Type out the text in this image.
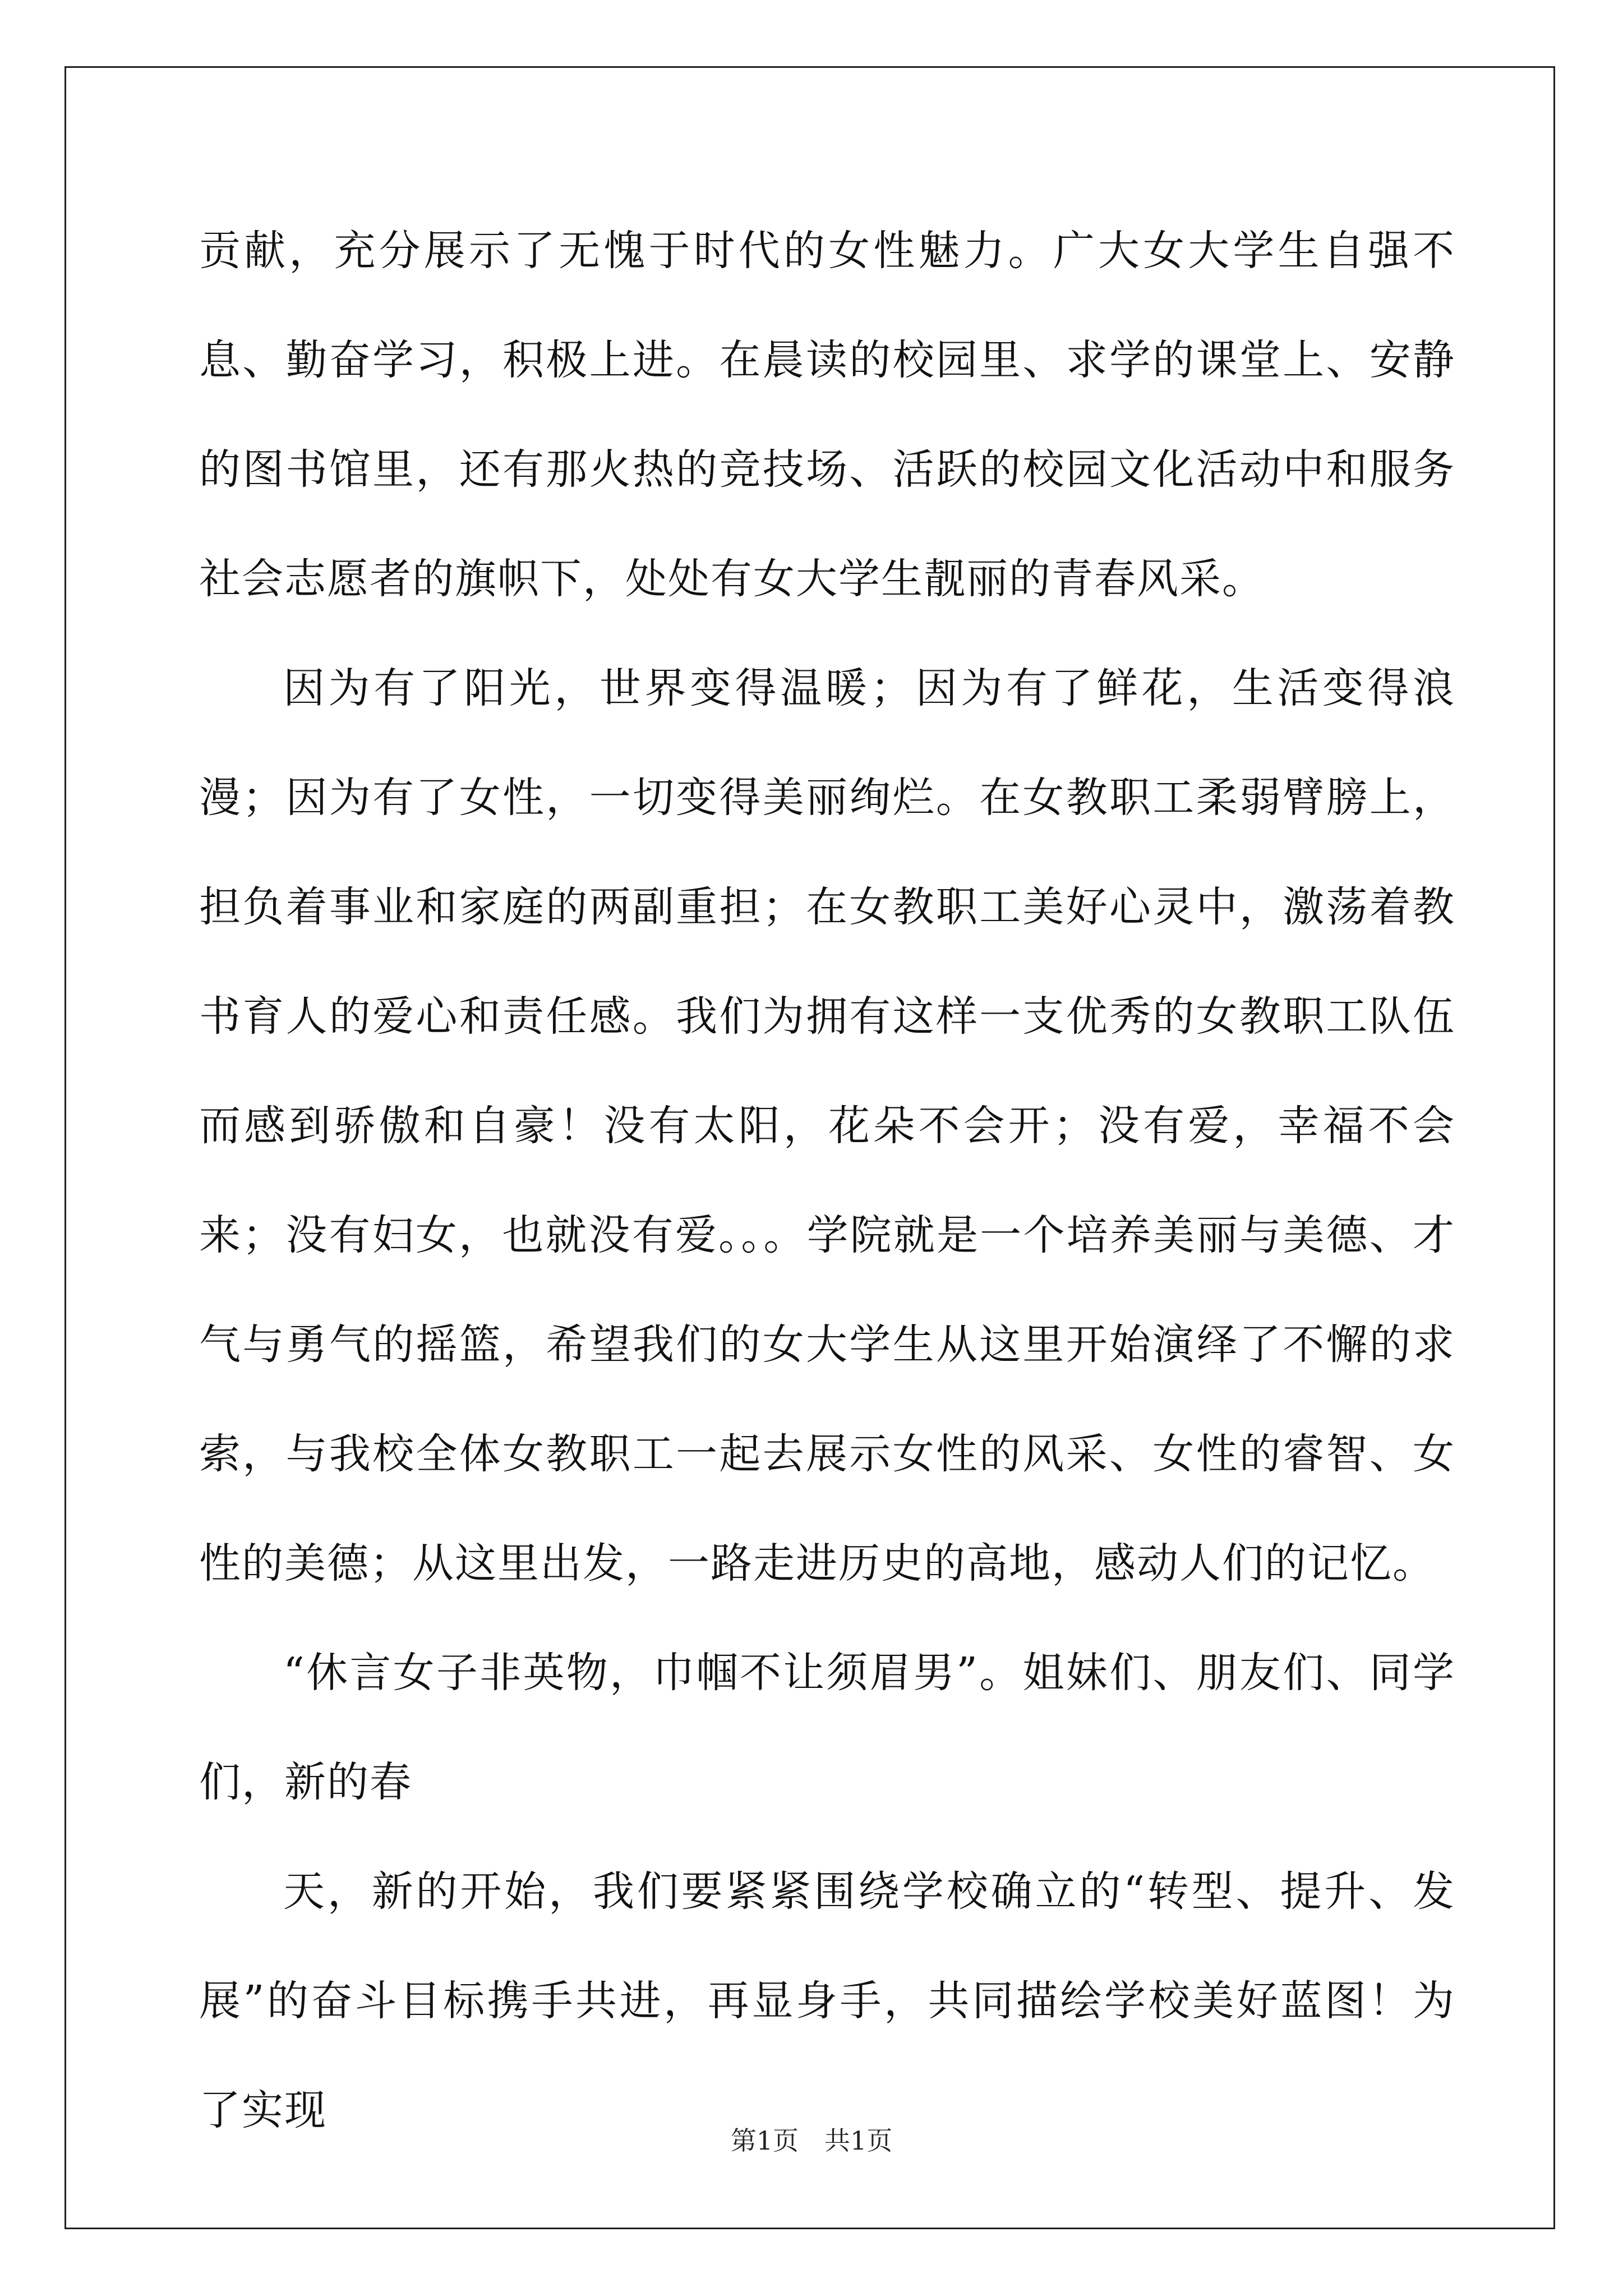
贡献，充分展示了无愧于时代的女性魅力。广大女大学生自强不息、勤奋学习，积极上进。在晨读的校园里、求学的课堂上、安静的图书馆里，还有那火热的竞技场、活跃的校园文化活动中和服务社会志愿者的旗帜下，处处有女大学生靓丽的青春风采。

因为有了阳光，世界变得温暖；因为有了鲜花，生活变得浪漫；因为有了女性，一切变得美丽绚烂。在女教职工柔弱臂膀上，担负着事业和家庭的两副重担；在女教职工美好心灵中，激荡着教书育人的爱心和责任感。我们为拥有这样一支优秀的女教职工队伍而感到骄傲和自豪！没有太阳，花朵不会开；没有爱，幸福不会来；没有妇女，也就没有爱。。。学院就是一个培养美丽与美德、才气与勇气的摇篮，希望我们的女大学生从这里开始演绎了不懈的求索，与我校全体女教职工一起去展示女性的风采、女性的睿智、女性的美德；从这里出发，一路走进历史的高地，感动人们的记忆。

“休言女子非英物，巾帼不让须眉男”。姐妹们、朋友们、同学们，新的春

天，新的开始，我们要紧紧围绕学校确立的“转型、提升、发展”的奋斗目标携手共进，再显身手，共同描绘学校美好蓝图！为了实现

第1页　共1页
